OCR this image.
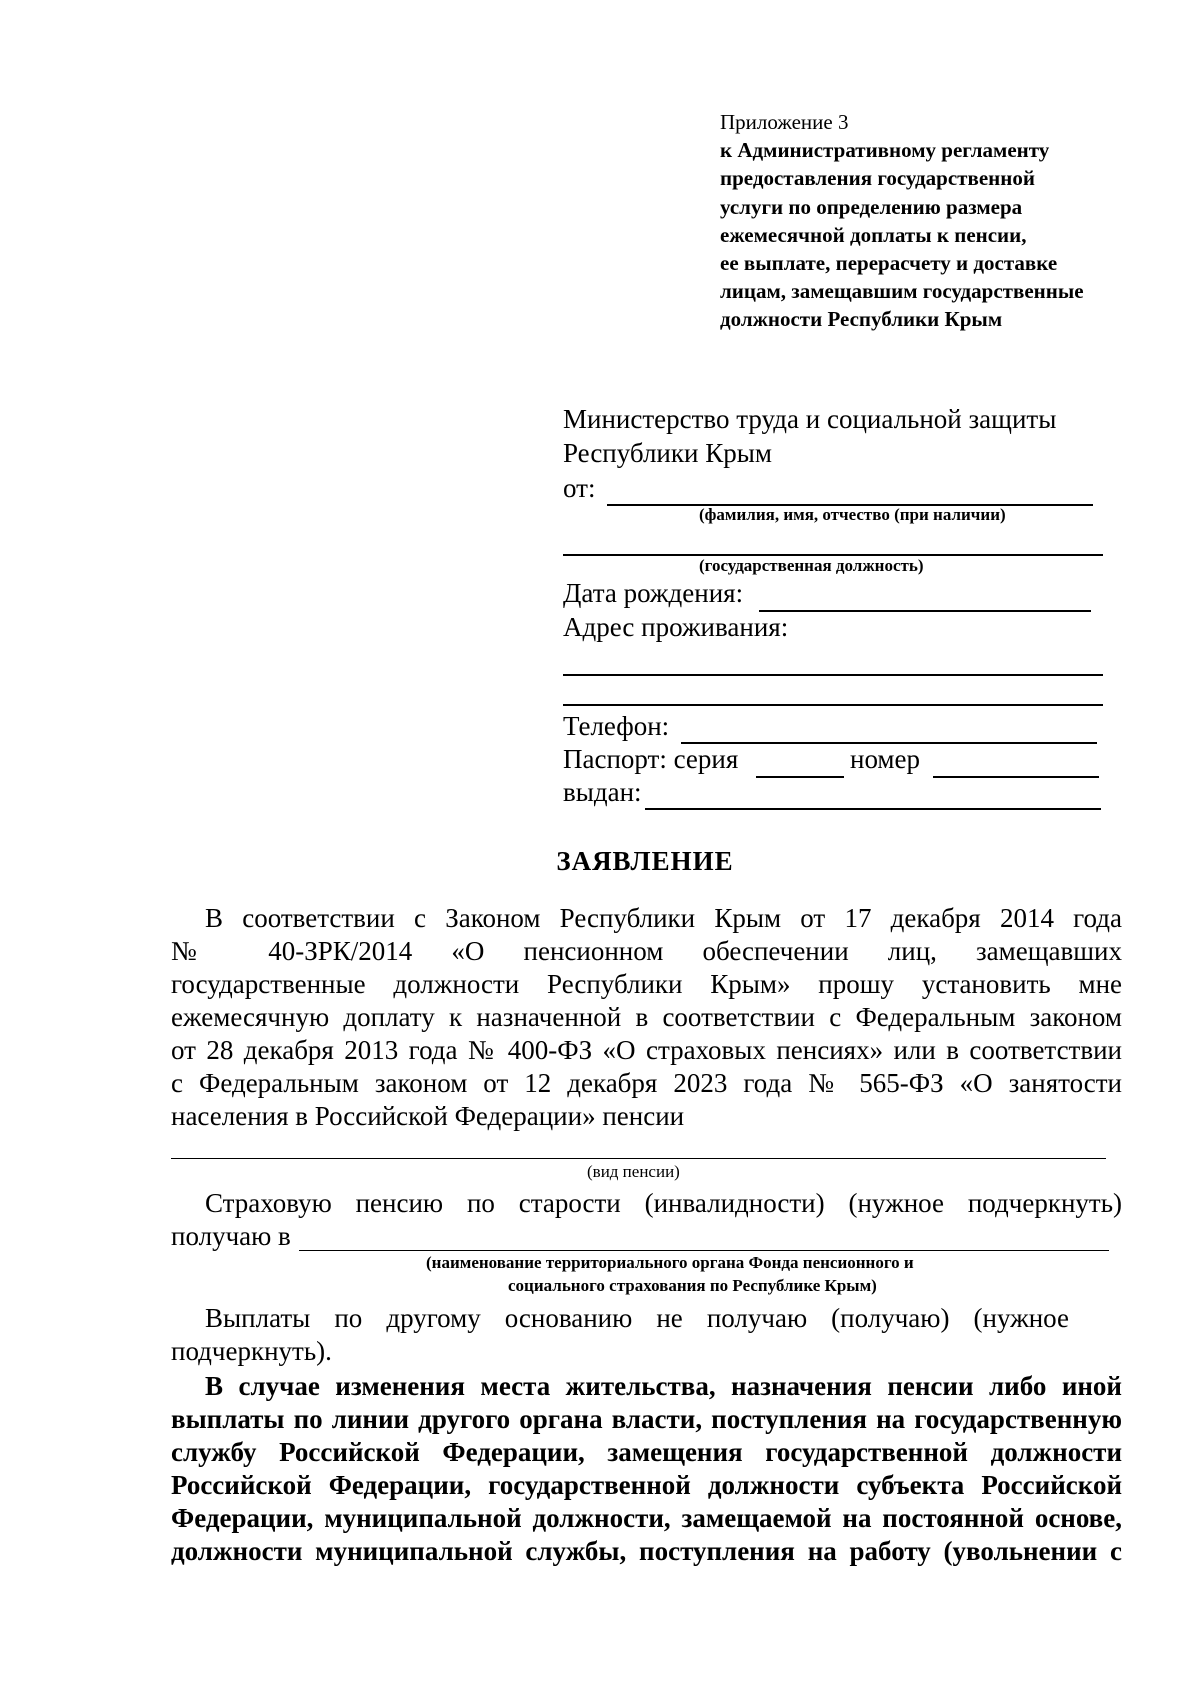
Приложение 3
к Административному регламенту
предоставления государственной
услуги по определению размера
ежемесячной доплаты к пенсии,
ее выплате, перерасчету и доставке
лицам, замещавшим государственные
должности Республики Крым
Министерство труда и социальной защиты
Республики Крым
от:
(фамилия, имя, отчество (при наличии)
(государственная должность)
Дата рождения:
Адрес проживания:
Телефон:
Паспорт: серия	номер
выдан:
ЗАЯВЛЕНИЕ
В соответствии с Законом Республики Крым от 17 декабря 2014 года
№ 40-ЗРК/2014 «О пенсионном обеспечении лиц, замещавших
государственные должности Республики Крым» прошу установить мне
ежемесячную доплату к назначенной в соответствии с Федеральным законом
от 28 декабря 2013 года № 400-ФЗ «О страховых пенсиях» или в соответствии
с Федеральным законом от 12 декабря 2023 года № 565-ФЗ «О занятости
населения в Российской Федерации» пенсии
(вид пенсии)
Страховую пенсию по старости (инвалидности) (нужное подчеркнуть)
получаю в
(наименование территориального органа Фонда пенсионного и
социального страхования по Республике Крым)
Выплаты по другому основанию не получаю (получаю) (нужное
подчеркнуть).
В случае изменения места жительства, назначения пенсии либо иной
выплаты по линии другого органа власти, поступления на государственную
службу Российской Федерации, замещения государственной должности
Российской Федерации, государственной должности субъекта Российской
Федерации, муниципальной должности, замещаемой на постоянной основе,
должности муниципальной службы, поступления на работу (увольнении с
